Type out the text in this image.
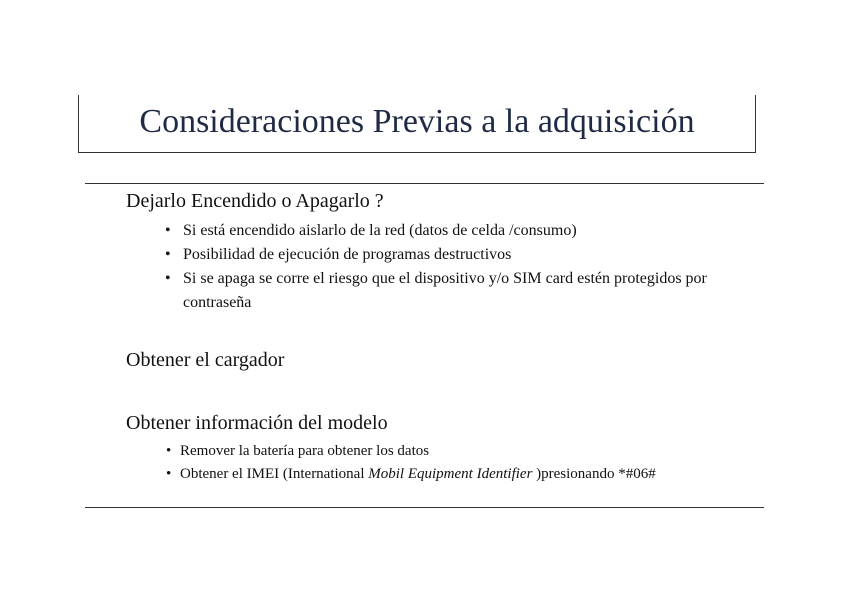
Consideraciones Previas a la adquisición
Dejarlo Encendido o Apagarlo ?
• Si está encendido aislarlo de la red (datos de celda /consumo)
• Posibilidad de ejecución de programas destructivos
• Si se apaga se corre el riesgo que el dispositivo y/o SIM card estén protegidos por contraseña
Obtener el cargador
Obtener información del modelo
• Remover la batería para obtener los datos
• Obtener el IMEI (International Mobil Equipment Identifier )presionando *#06#
